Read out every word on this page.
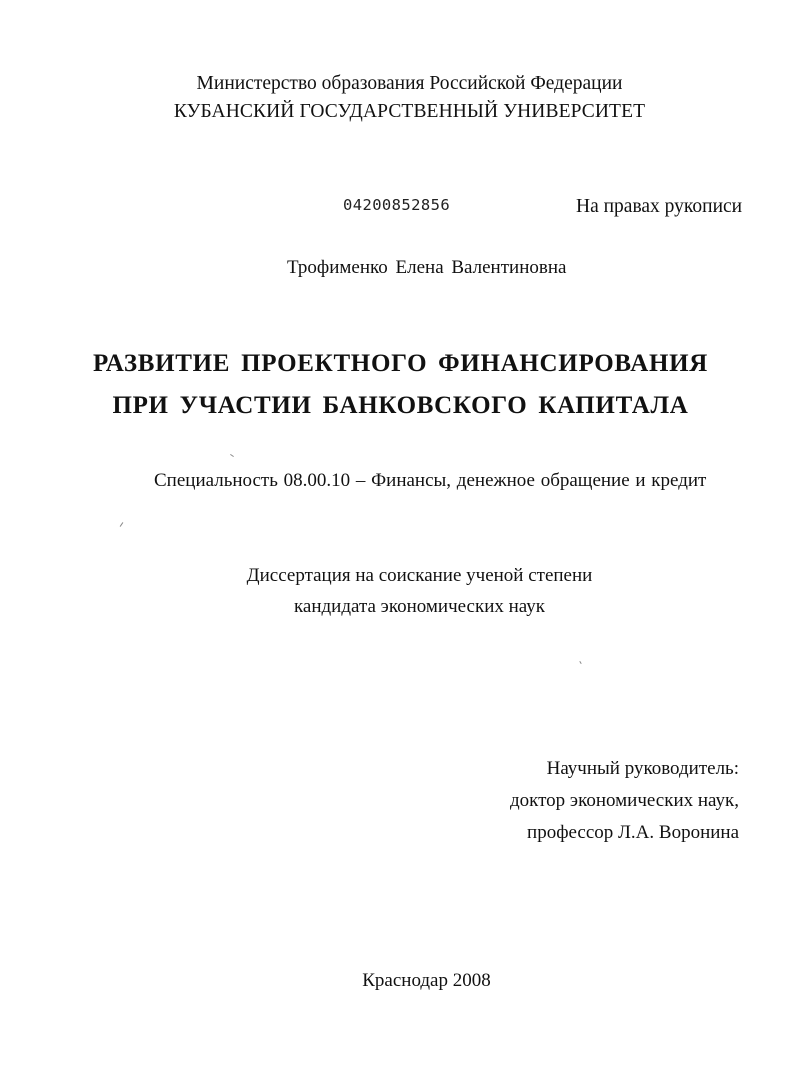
Министерство образования Российской Федерации
КУБАНСКИЙ ГОСУДАРСТВЕННЫЙ УНИВЕРСИТЕТ
04200852856	На правах рукописи
Трофименко Елена Валентиновна
РАЗВИТИЕ ПРОЕКТНОГО ФИНАНСИРОВАНИЯ
ПРИ УЧАСТИИ БАНКОВСКОГО КАПИТАЛА
Специальность 08.00.10 – Финансы, денежное обращение и кредит
Диссертация на соискание ученой степени
кандидата экономических наук
Научный руководитель:
доктор экономических наук,
профессор Л.А. Воронина
Краснодар 2008
